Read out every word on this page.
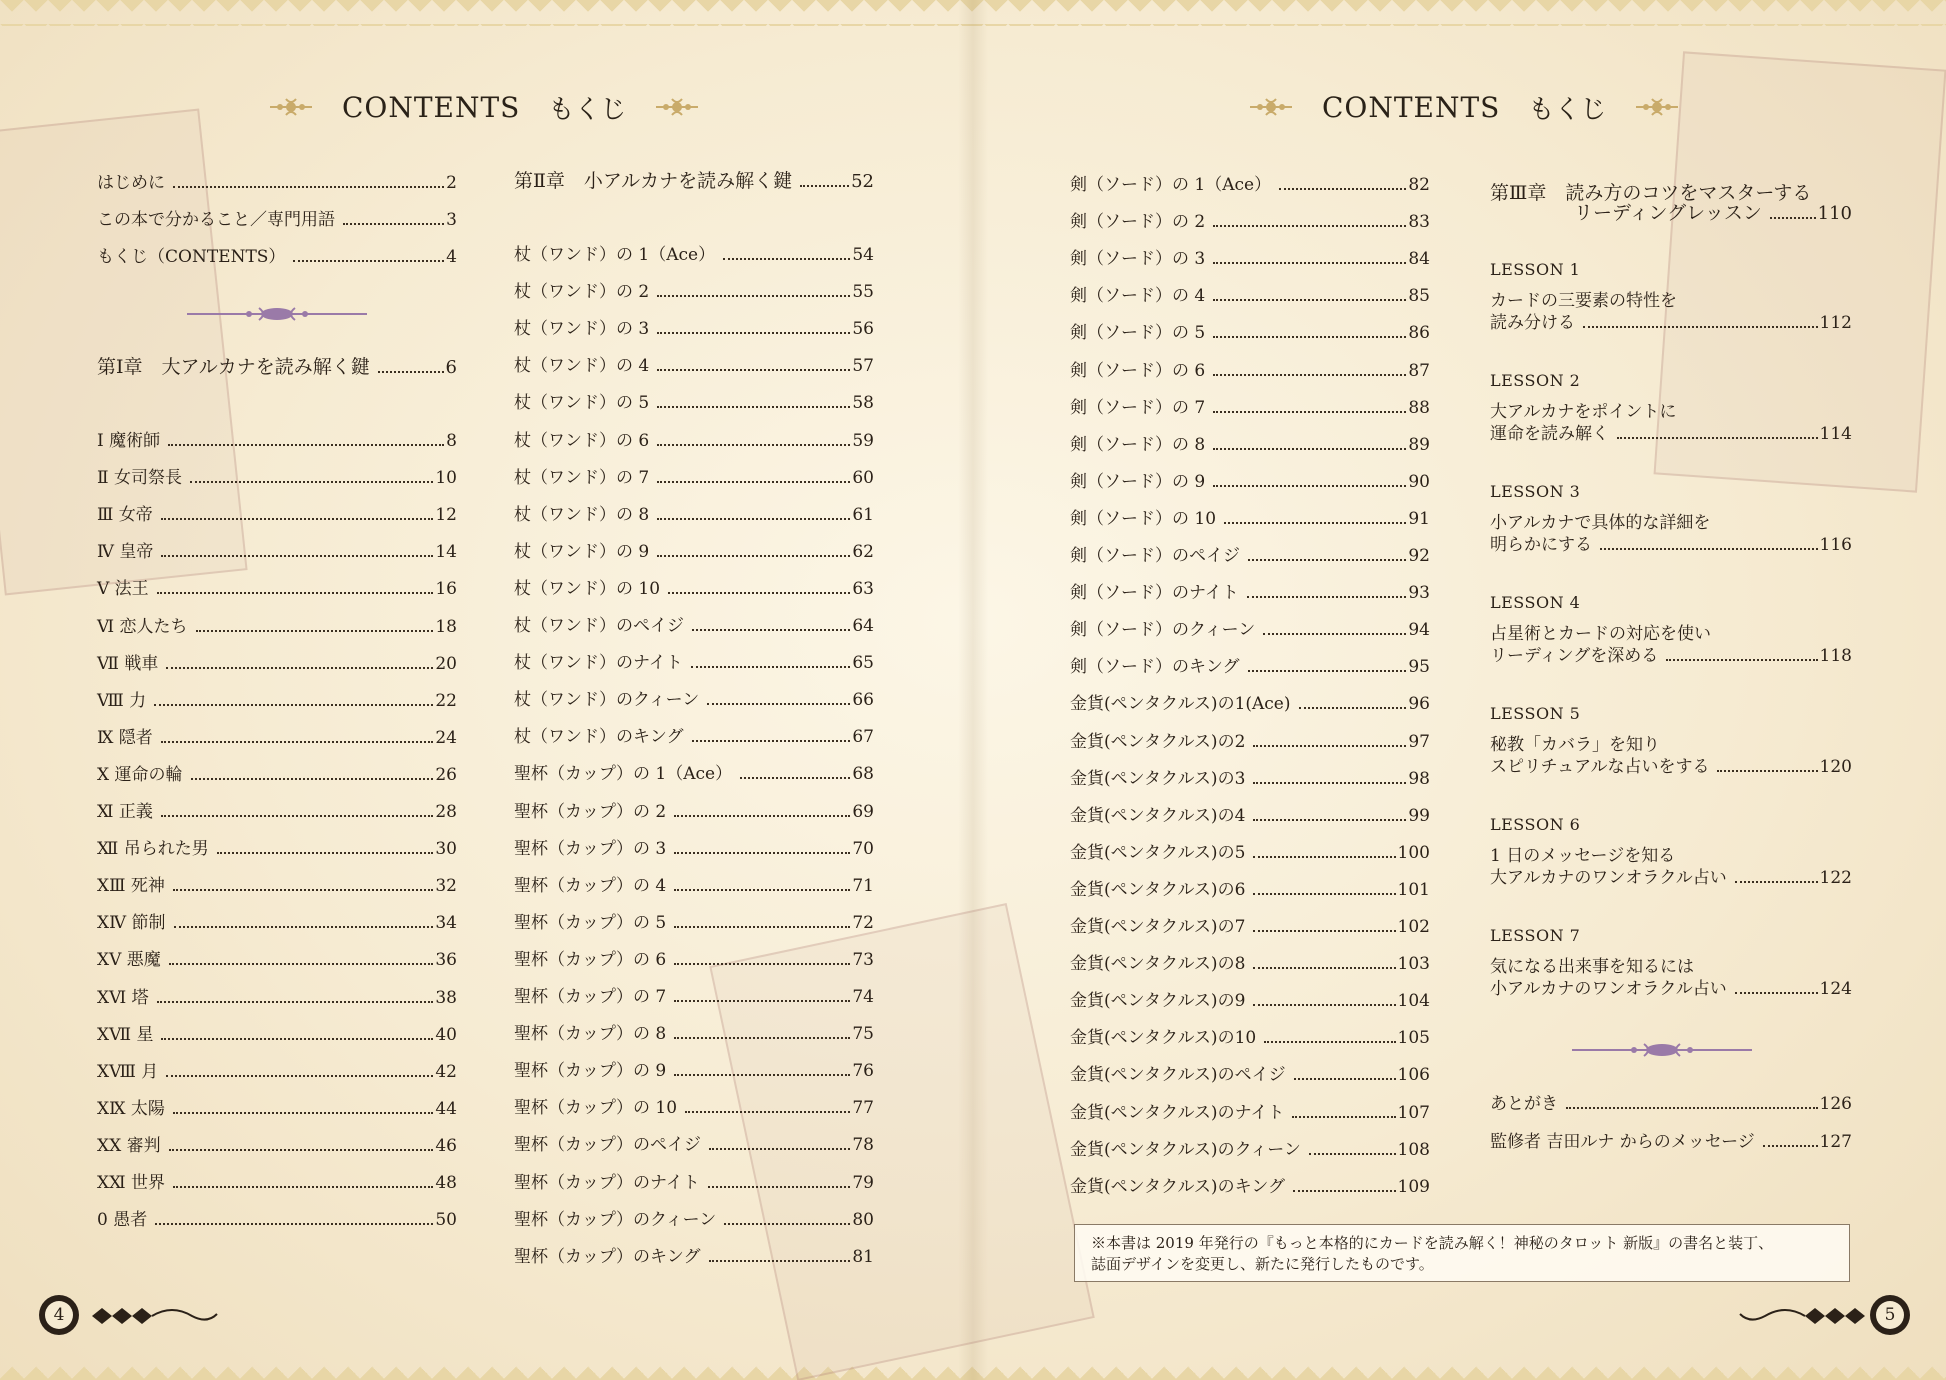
CONTENTS もくじ	CONTENTS もくじ
はじめに	2
この本で分かること／専門用語	3
もくじ（CONTENTS）	4
第Ⅰ章　大アルカナを読み解く鍵	6
Ⅰ 魔術師	8
Ⅱ 女司祭長	10
Ⅲ 女帝	12
Ⅳ 皇帝	14
Ⅴ 法王	16
Ⅵ 恋人たち	18
Ⅶ 戦車	20
Ⅷ 力	22
Ⅸ 隠者	24
Ⅹ 運命の輪	26
Ⅺ 正義	28
Ⅻ 吊られた男	30
ⅩⅢ 死神	32
ⅩⅣ 節制	34
ⅩⅤ 悪魔	36
ⅩⅥ 塔	38
ⅩⅦ 星	40
ⅩⅧ 月	42
ⅩⅨ 太陽	44
ⅩⅩ 審判	46
ⅩⅪ 世界	48
0 愚者	50
第Ⅱ章　小アルカナを読み解く鍵	52
杖（ワンド）の 1（Ace）	54
杖（ワンド）の 2	55
杖（ワンド）の 3	56
杖（ワンド）の 4	57
杖（ワンド）の 5	58
杖（ワンド）の 6	59
杖（ワンド）の 7	60
杖（ワンド）の 8	61
杖（ワンド）の 9	62
杖（ワンド）の 10	63
杖（ワンド）のペイジ	64
杖（ワンド）のナイト	65
杖（ワンド）のクィーン	66
杖（ワンド）のキング	67
聖杯（カップ）の 1（Ace）	68
聖杯（カップ）の 2	69
聖杯（カップ）の 3	70
聖杯（カップ）の 4	71
聖杯（カップ）の 5	72
聖杯（カップ）の 6	73
聖杯（カップ）の 7	74
聖杯（カップ）の 8	75
聖杯（カップ）の 9	76
聖杯（カップ）の 10	77
聖杯（カップ）のペイジ	78
聖杯（カップ）のナイト	79
聖杯（カップ）のクィーン	80
聖杯（カップ）のキング	81
剣（ソード）の 1（Ace）	82
剣（ソード）の 2	83
剣（ソード）の 3	84
剣（ソード）の 4	85
剣（ソード）の 5	86
剣（ソード）の 6	87
剣（ソード）の 7	88
剣（ソード）の 8	89
剣（ソード）の 9	90
剣（ソード）の 10	91
剣（ソード）のペイジ	92
剣（ソード）のナイト	93
剣（ソード）のクィーン	94
剣（ソード）のキング	95
金貨(ペンタクルス)の1(Ace)	96
金貨(ペンタクルス)の2	97
金貨(ペンタクルス)の3	98
金貨(ペンタクルス)の4	99
金貨(ペンタクルス)の5	100
金貨(ペンタクルス)の6	101
金貨(ペンタクルス)の7	102
金貨(ペンタクルス)の8	103
金貨(ペンタクルス)の9	104
金貨(ペンタクルス)の10	105
金貨(ペンタクルス)のペイジ	106
金貨(ペンタクルス)のナイト	107
金貨(ペンタクルス)のクィーン	108
金貨(ペンタクルス)のキング	109
第Ⅲ章　読み方のコツをマスターする
リーディングレッスン	110
LESSON 1
カードの三要素の特性を
読み分ける	112
LESSON 2
大アルカナをポイントに
運命を読み解く	114
LESSON 3
小アルカナで具体的な詳細を
明らかにする	116
LESSON 4
占星術とカードの対応を使い
リーディングを深める	118
LESSON 5
秘教「カバラ」を知り
スピリチュアルな占いをする	120
LESSON 6
1 日のメッセージを知る
大アルカナのワンオラクル占い	122
LESSON 7
気になる出来事を知るには
小アルカナのワンオラクル占い	124
あとがき	126
監修者 吉田ルナ からのメッセージ	127
※本書は 2019 年発行の『もっと本格的にカードを読み解く！神秘のタロット 新版』の書名と装丁、
誌面デザインを変更し、新たに発行したものです。
4	5
